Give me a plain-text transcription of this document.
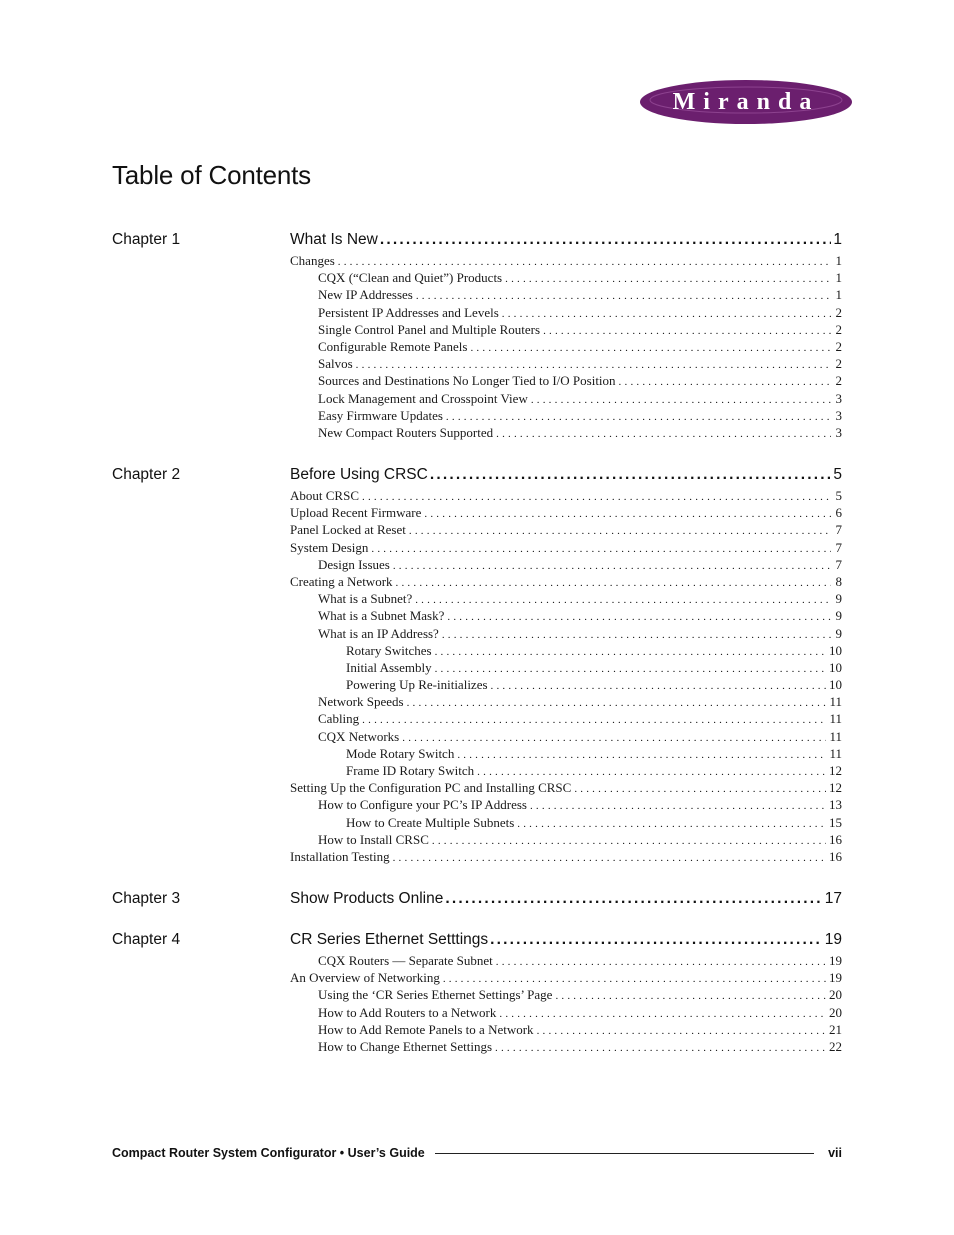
Miranda
Table of Contents
Chapter 1	What Is New .....	1
Changes .....	1
CQX (“Clean and Quiet”) Products .....	1
New IP Addresses .....	1
Persistent IP Addresses and Levels .....	2
Single Control Panel and Multiple Routers .....	2
Configurable Remote Panels .....	2
Salvos .....	2
Sources and Destinations No Longer Tied to I/O Position .....	2
Lock Management and Crosspoint View .....	3
Easy Firmware Updates .....	3
New Compact Routers Supported .....	3
Chapter 2	Before Using CRSC .....	5
About CRSC .....	5
Upload Recent Firmware .....	6
Panel Locked at Reset .....	7
System Design .....	7
Design Issues .....	7
Creating a Network .....	8
What is a Subnet? .....	9
What is a Subnet Mask? .....	9
What is an IP Address? .....	9
Rotary Switches .....	10
Initial Assembly .....	10
Powering Up Re-initializes .....	10
Network Speeds .....	11
Cabling .....	11
CQX Networks .....	11
Mode Rotary Switch .....	11
Frame ID Rotary Switch .....	12
Setting Up the Configuration PC and Installing CRSC .....	12
How to Configure your PC’s IP Address .....	13
How to Create Multiple Subnets .....	15
How to Install CRSC .....	16
Installation Testing .....	16
Chapter 3	Show Products Online .....	17
Chapter 4	CR Series Ethernet Setttings .....	19
CQX Routers — Separate Subnet .....	19
An Overview of Networking .....	19
Using the ‘CR Series Ethernet Settings’ Page .....	20
How to Add Routers to a Network .....	20
How to Add Remote Panels to a Network .....	21
How to Change Ethernet Settings .....	22
Compact Router System Configurator • User’s Guide	vii
